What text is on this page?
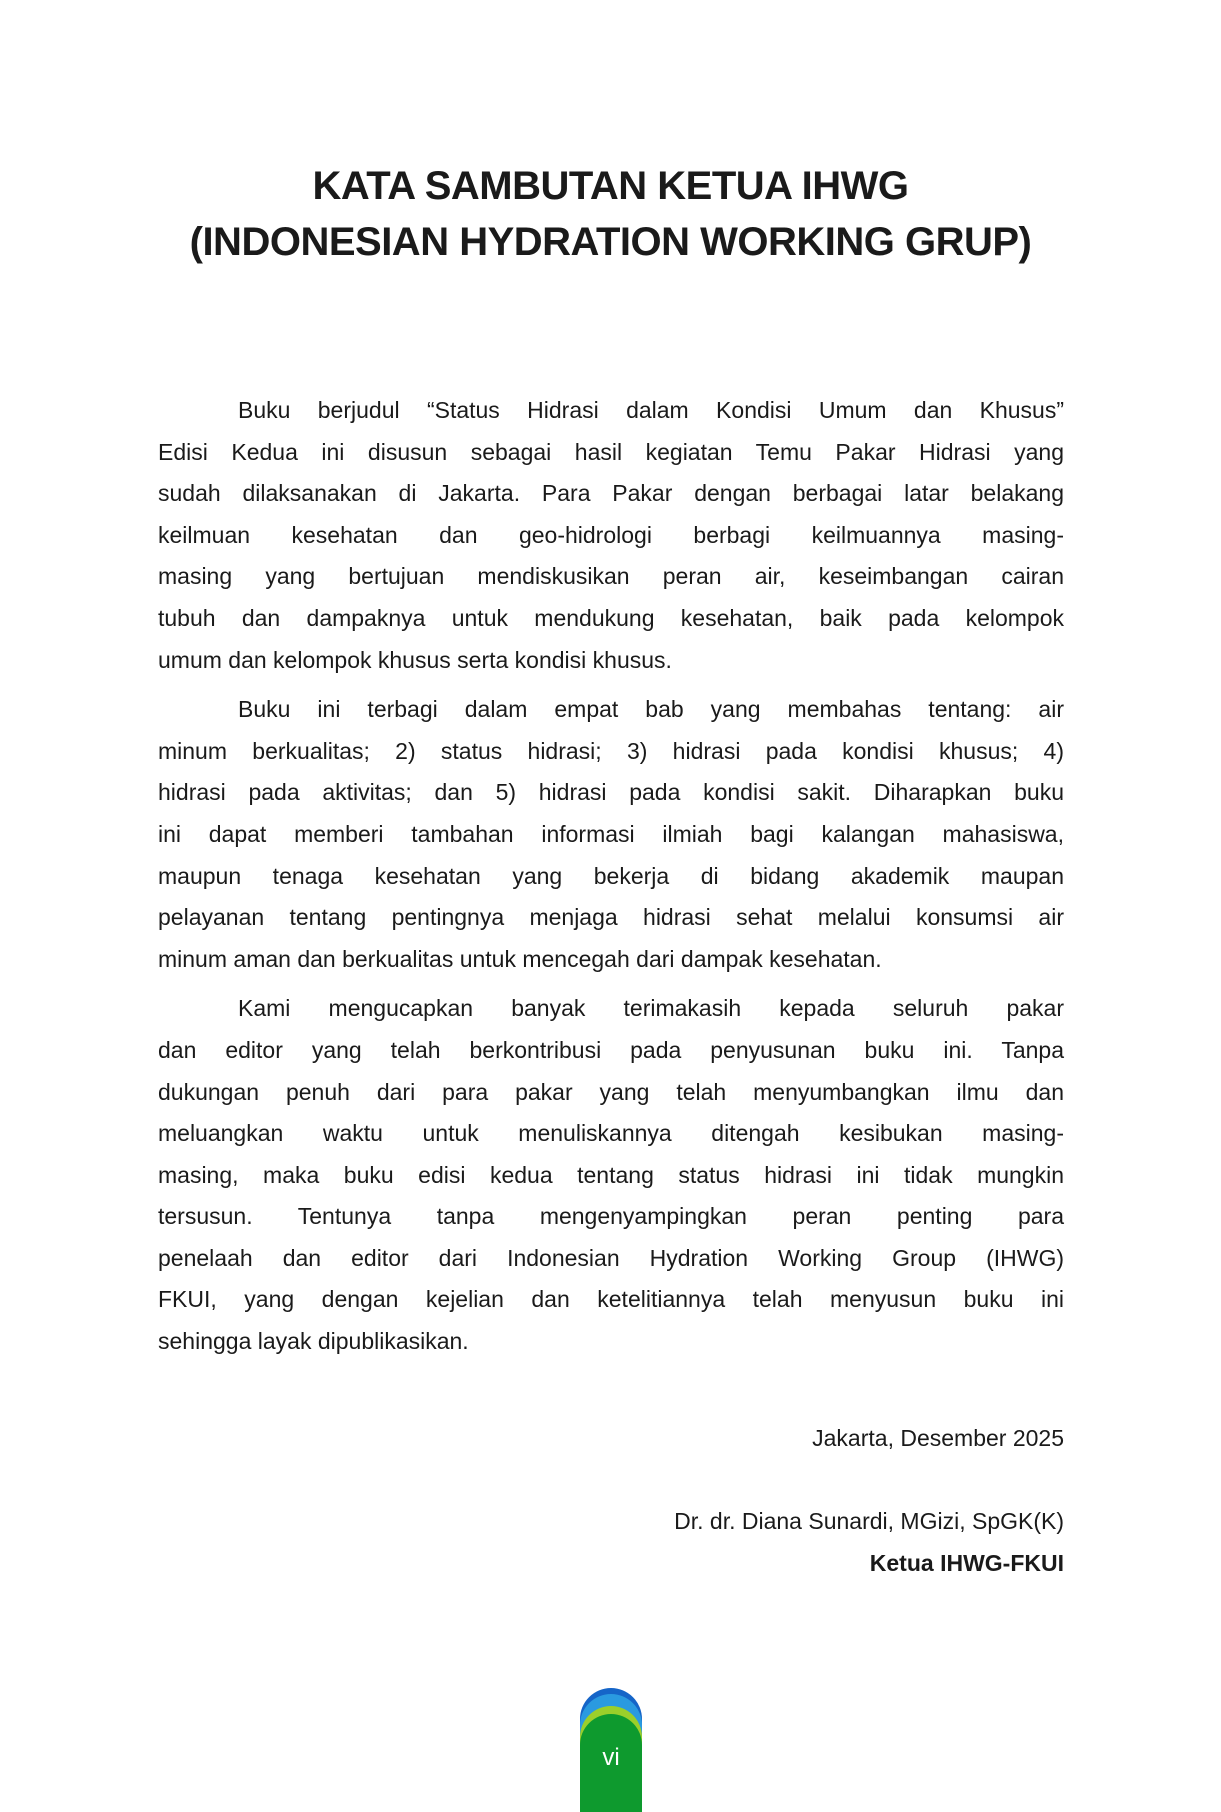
KATA SAMBUTAN KETUA IHWG
(INDONESIAN HYDRATION WORKING GRUP)
Buku berjudul “Status Hidrasi dalam Kondisi Umum dan Khusus”
Edisi Kedua ini disusun sebagai hasil kegiatan Temu Pakar Hidrasi yang
sudah dilaksanakan di Jakarta. Para Pakar dengan berbagai latar belakang
keilmuan kesehatan dan geo-hidrologi berbagi keilmuannya masing-
masing yang bertujuan mendiskusikan peran air, keseimbangan cairan
tubuh dan dampaknya untuk mendukung kesehatan, baik pada kelompok
umum dan kelompok khusus serta kondisi khusus.
Buku ini terbagi dalam empat bab yang membahas tentang: air
minum berkualitas; 2) status hidrasi; 3) hidrasi pada kondisi khusus; 4)
hidrasi pada aktivitas; dan 5) hidrasi pada kondisi sakit. Diharapkan buku
ini dapat memberi tambahan informasi ilmiah bagi kalangan mahasiswa,
maupun tenaga kesehatan yang bekerja di bidang akademik maupan
pelayanan tentang pentingnya menjaga hidrasi sehat melalui konsumsi air
minum aman dan berkualitas untuk mencegah dari dampak kesehatan.
Kami mengucapkan banyak terimakasih kepada seluruh pakar
dan editor yang telah berkontribusi pada penyusunan buku ini. Tanpa
dukungan penuh dari para pakar yang telah menyumbangkan ilmu dan
meluangkan waktu untuk menuliskannya ditengah kesibukan masing-
masing, maka buku edisi kedua tentang status hidrasi ini tidak mungkin
tersusun. Tentunya tanpa mengenyampingkan peran penting para
penelaah dan editor dari Indonesian Hydration Working Group (IHWG)
FKUI, yang dengan kejelian dan ketelitiannya telah menyusun buku ini
sehingga layak dipublikasikan.
Jakarta, Desember 2025
Dr. dr. Diana Sunardi, MGizi, SpGK(K)
Ketua IHWG-FKUI
vi
